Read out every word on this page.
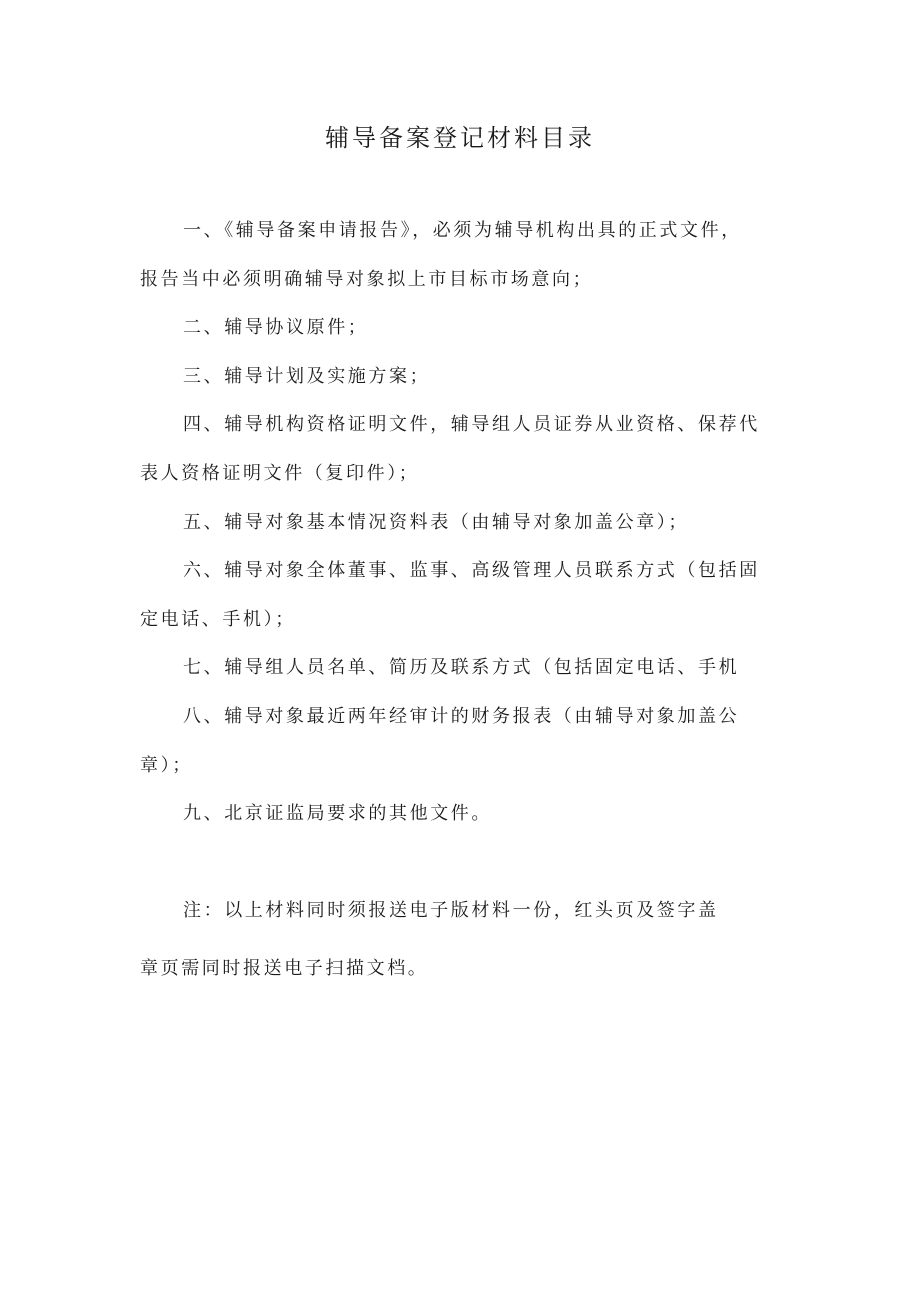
辅导备案登记材料目录
一、《辅导备案申请报告》，必须为辅导机构出具的正式文件，
报告当中必须明确辅导对象拟上市目标市场意向；
二、辅导协议原件；
三、辅导计划及实施方案；
四、辅导机构资格证明文件，辅导组人员证券从业资格、保荐代
表人资格证明文件（复印件）；
五、辅导对象基本情况资料表（由辅导对象加盖公章）；
六、辅导对象全体董事、监事、高级管理人员联系方式（包括固
定电话、手机）；
七、辅导组人员名单、简历及联系方式（包括固定电话、手机
八、辅导对象最近两年经审计的财务报表（由辅导对象加盖公
章）；
九、北京证监局要求的其他文件。
注：以上材料同时须报送电子版材料一份，红头页及签字盖
章页需同时报送电子扫描文档。
